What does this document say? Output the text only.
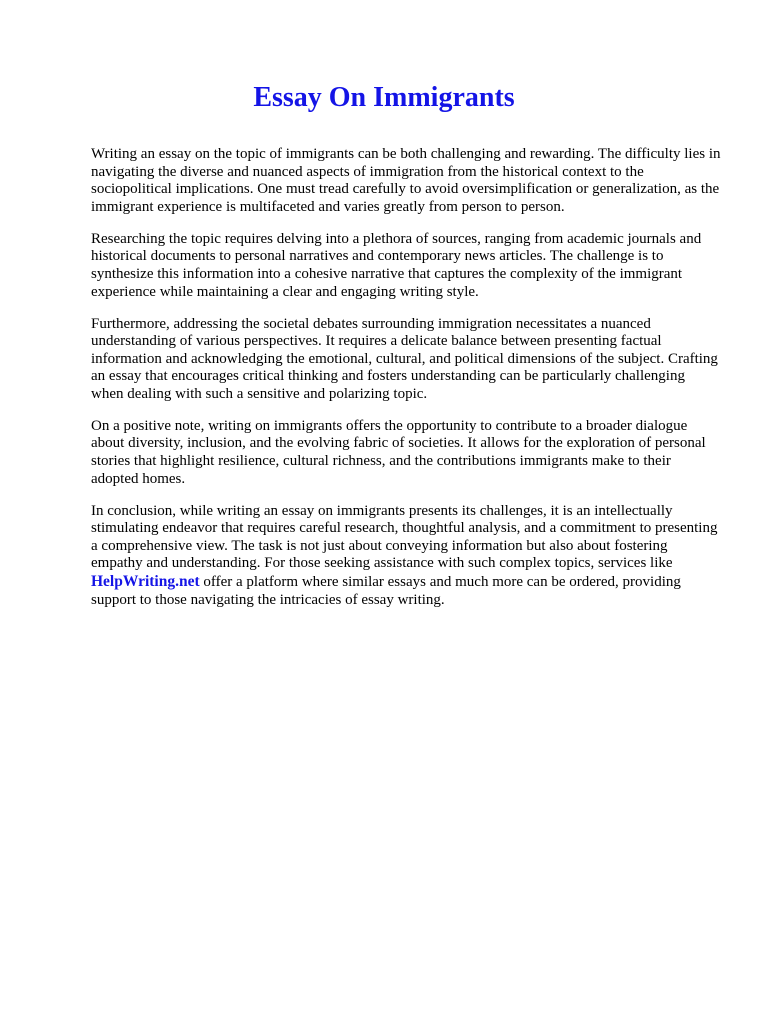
Essay On Immigrants

Writing an essay on the topic of immigrants can be both challenging and rewarding. The difficulty lies in navigating the diverse and nuanced aspects of immigration from the historical context to the sociopolitical implications. One must tread carefully to avoid oversimplification or generalization, as the immigrant experience is multifaceted and varies greatly from person to person.

Researching the topic requires delving into a plethora of sources, ranging from academic journals and historical documents to personal narratives and contemporary news articles. The challenge is to synthesize this information into a cohesive narrative that captures the complexity of the immigrant experience while maintaining a clear and engaging writing style.

Furthermore, addressing the societal debates surrounding immigration necessitates a nuanced understanding of various perspectives. It requires a delicate balance between presenting factual information and acknowledging the emotional, cultural, and political dimensions of the subject. Crafting an essay that encourages critical thinking and fosters understanding can be particularly challenging when dealing with such a sensitive and polarizing topic.

On a positive note, writing on immigrants offers the opportunity to contribute to a broader dialogue about diversity, inclusion, and the evolving fabric of societies. It allows for the exploration of personal stories that highlight resilience, cultural richness, and the contributions immigrants make to their adopted homes.

In conclusion, while writing an essay on immigrants presents its challenges, it is an intellectually stimulating endeavor that requires careful research, thoughtful analysis, and a commitment to presenting a comprehensive view. The task is not just about conveying information but also about fostering empathy and understanding. For those seeking assistance with such complex topics, services like HelpWriting.net offer a platform where similar essays and much more can be ordered, providing support to those navigating the intricacies of essay writing.
